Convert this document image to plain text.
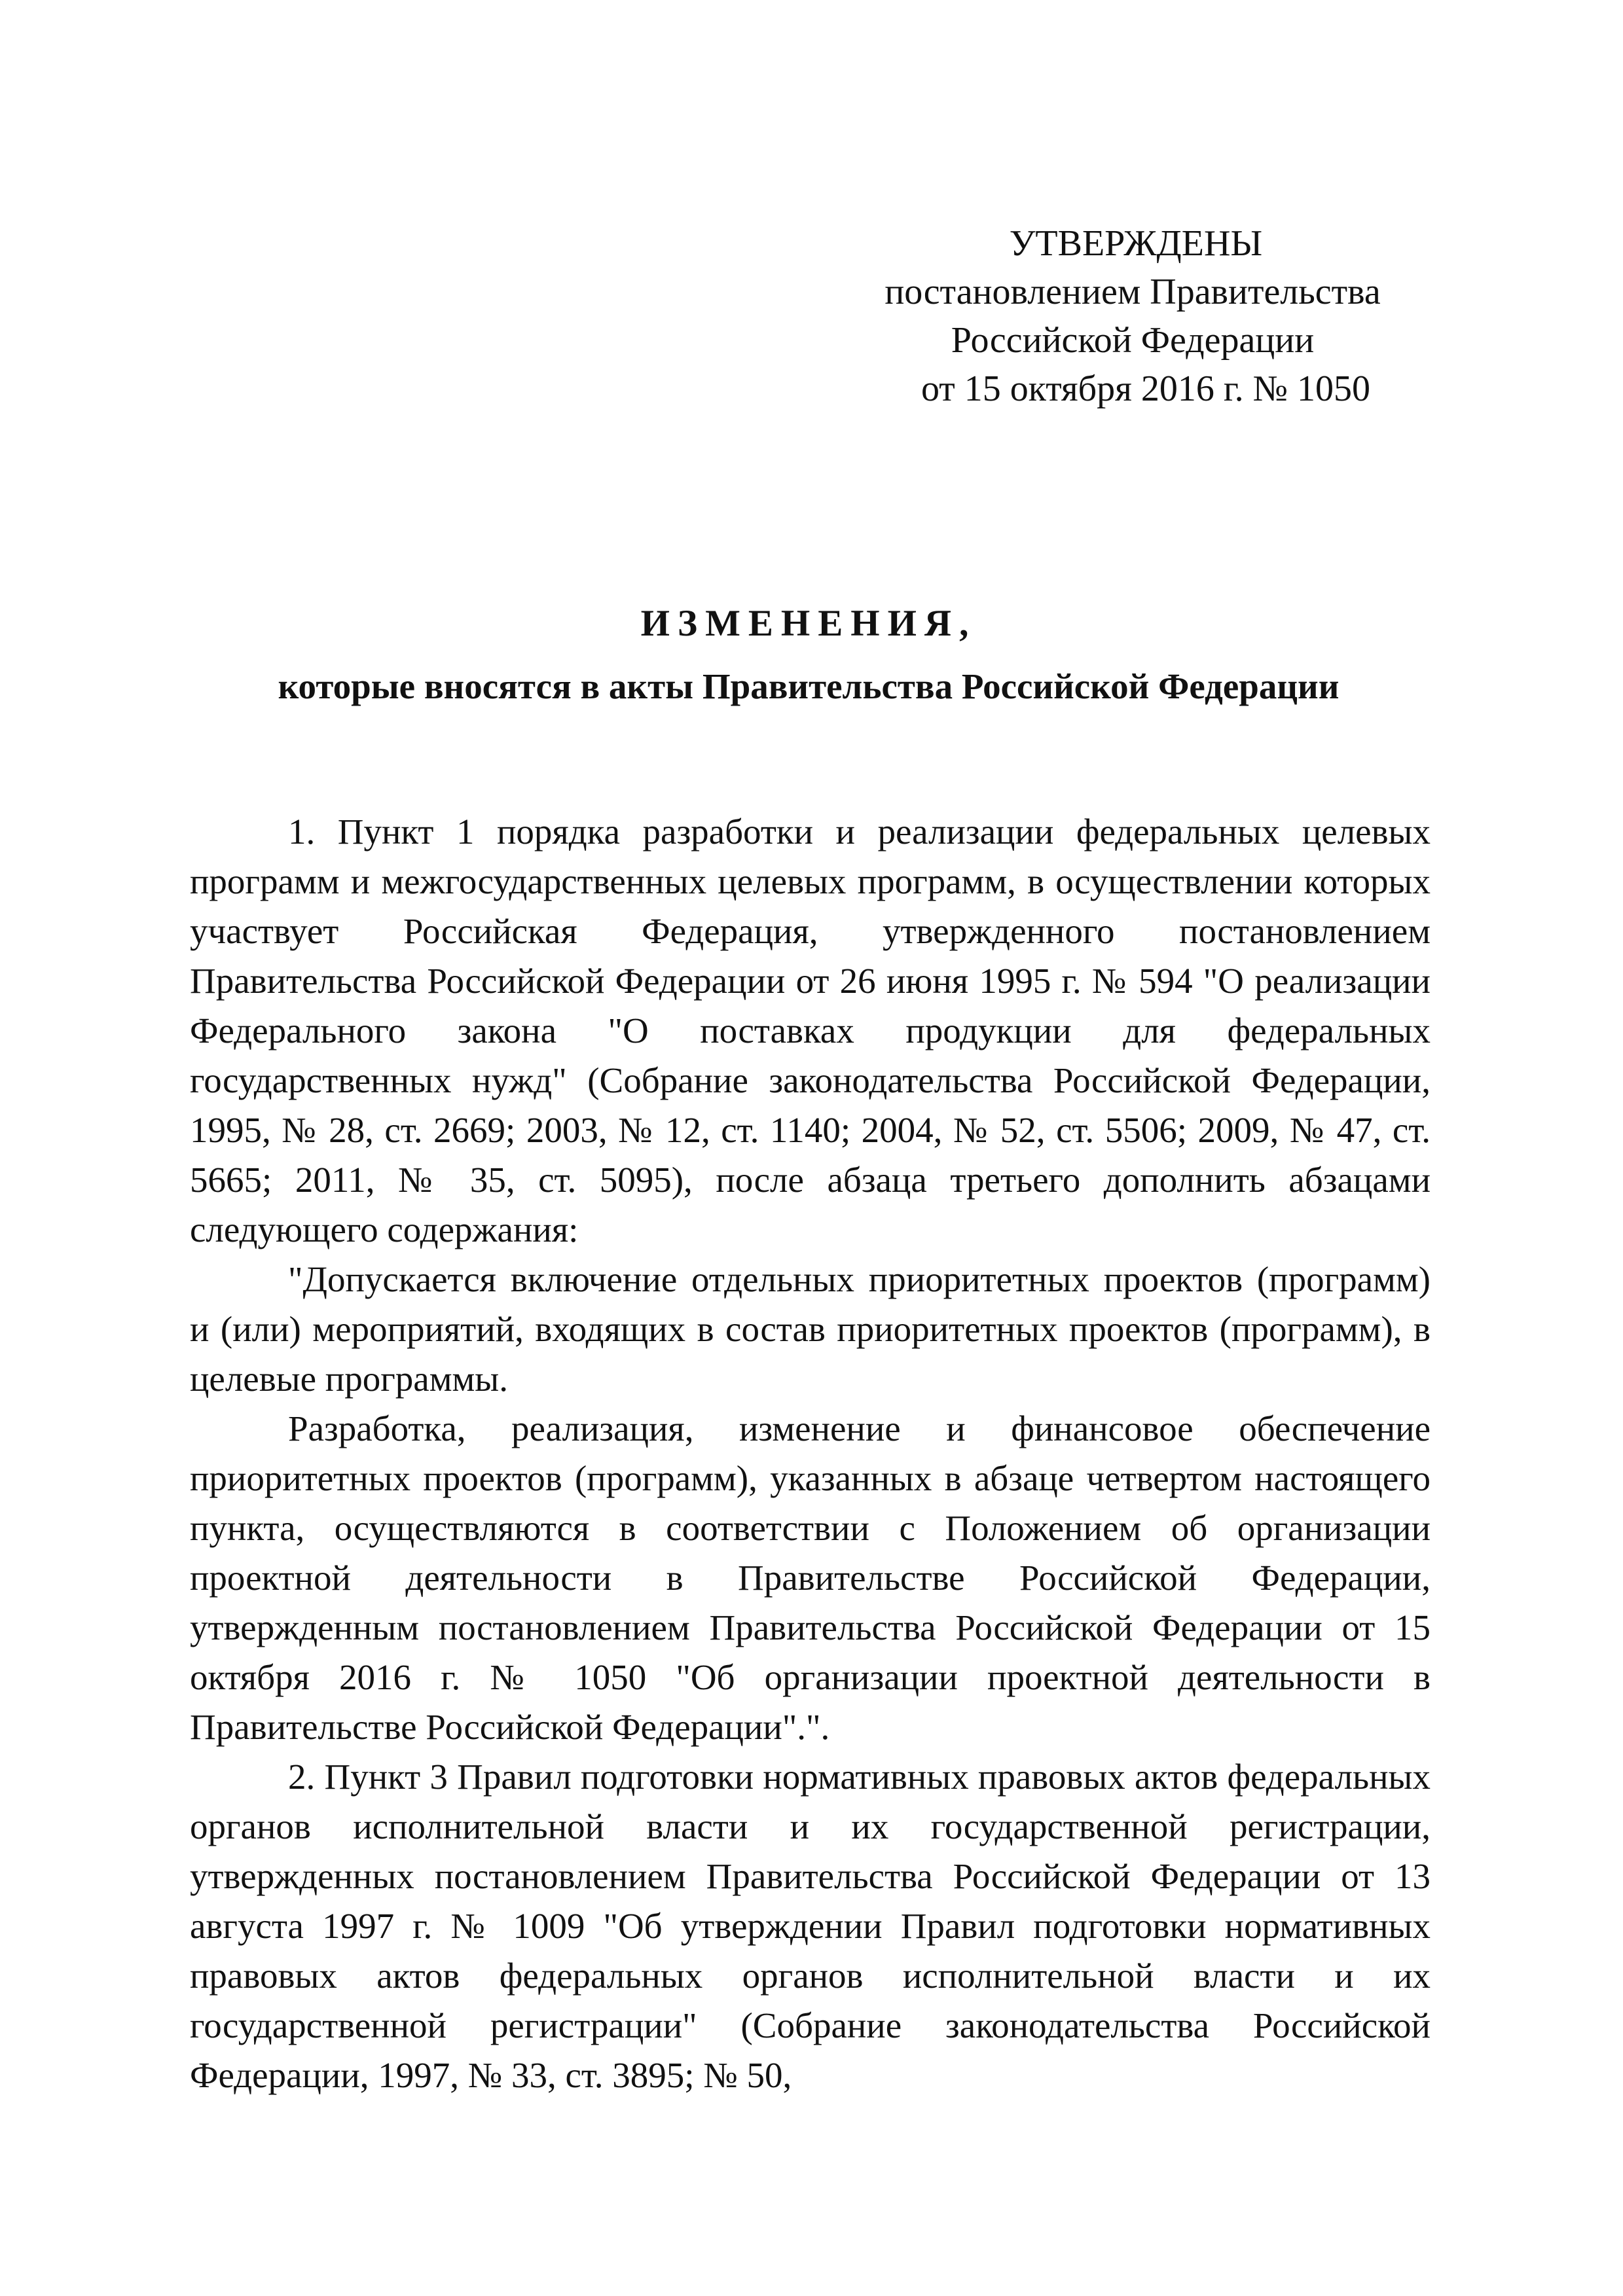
УТВЕРЖДЕНЫ
постановлением Правительства
Российской Федерации
от 15 октября 2016 г. № 1050
ИЗМЕНЕНИЯ,
которые вносятся в акты Правительства Российской Федерации

1. Пункт 1 порядка разработки и реализации федеральных целевых программ и межгосударственных целевых программ, в осуществлении которых участвует Российская Федерация, утвержденного постановлением Правительства Российской Федерации от 26 июня 1995 г. № 594 "О реализации Федерального закона "О поставках продукции для федеральных государственных нужд" (Собрание законодательства Российской Федерации, 1995, № 28, ст. 2669; 2003, № 12, ст. 1140; 2004, № 52, ст. 5506; 2009, № 47, ст. 5665; 2011, № 35, ст. 5095), после абзаца третьего дополнить абзацами следующего содержания:

"Допускается включение отдельных приоритетных проектов (программ) и (или) мероприятий, входящих в состав приоритетных проектов (программ), в целевые программы.

Разработка, реализация, изменение и финансовое обеспечение приоритетных проектов (программ), указанных в абзаце четвертом настоящего пункта, осуществляются в соответствии с Положением об организации проектной деятельности в Правительстве Российской Федерации, утвержденным постановлением Правительства Российской Федерации от 15 октября 2016 г. № 1050 "Об организации проектной деятельности в Правительстве Российской Федерации".".

2. Пункт 3 Правил подготовки нормативных правовых актов федеральных органов исполнительной власти и их государственной регистрации, утвержденных постановлением Правительства Российской Федерации от 13 августа 1997 г. № 1009 "Об утверждении Правил подготовки нормативных правовых актов федеральных органов исполнительной власти и их государственной регистрации" (Собрание законодательства Российской Федерации, 1997, № 33, ст. 3895; № 50,
